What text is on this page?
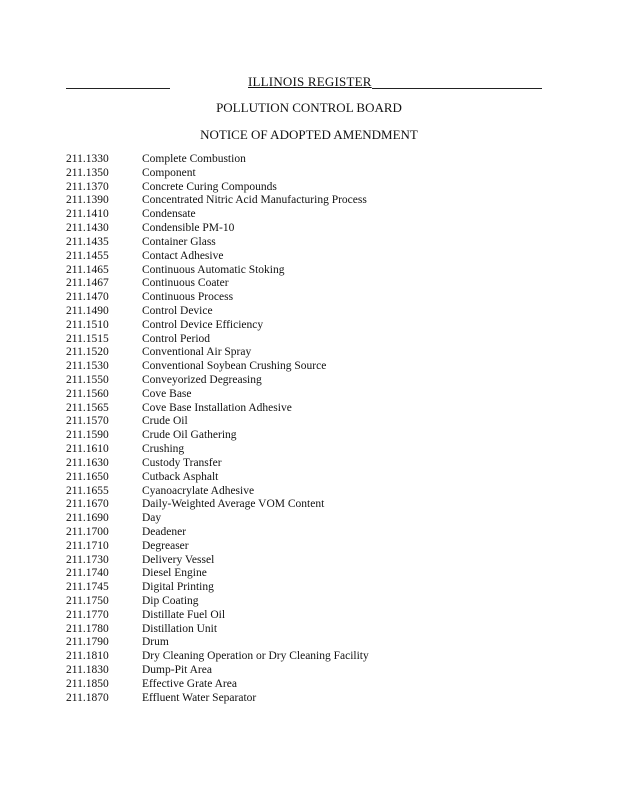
ILLINOIS REGISTER
POLLUTION CONTROL BOARD
NOTICE OF ADOPTED AMENDMENT
211.1330	Complete Combustion
211.1350	Component
211.1370	Concrete Curing Compounds
211.1390	Concentrated Nitric Acid Manufacturing Process
211.1410	Condensate
211.1430	Condensible PM-10
211.1435	Container Glass
211.1455	Contact Adhesive
211.1465	Continuous Automatic Stoking
211.1467	Continuous Coater
211.1470	Continuous Process
211.1490	Control Device
211.1510	Control Device Efficiency
211.1515	Control Period
211.1520	Conventional Air Spray
211.1530	Conventional Soybean Crushing Source
211.1550	Conveyorized Degreasing
211.1560	Cove Base
211.1565	Cove Base Installation Adhesive
211.1570	Crude Oil
211.1590	Crude Oil Gathering
211.1610	Crushing
211.1630	Custody Transfer
211.1650	Cutback Asphalt
211.1655	Cyanoacrylate Adhesive
211.1670	Daily-Weighted Average VOM Content
211.1690	Day
211.1700	Deadener
211.1710	Degreaser
211.1730	Delivery Vessel
211.1740	Diesel Engine
211.1745	Digital Printing
211.1750	Dip Coating
211.1770	Distillate Fuel Oil
211.1780	Distillation Unit
211.1790	Drum
211.1810	Dry Cleaning Operation or Dry Cleaning Facility
211.1830	Dump-Pit Area
211.1850	Effective Grate Area
211.1870	Effluent Water Separator
